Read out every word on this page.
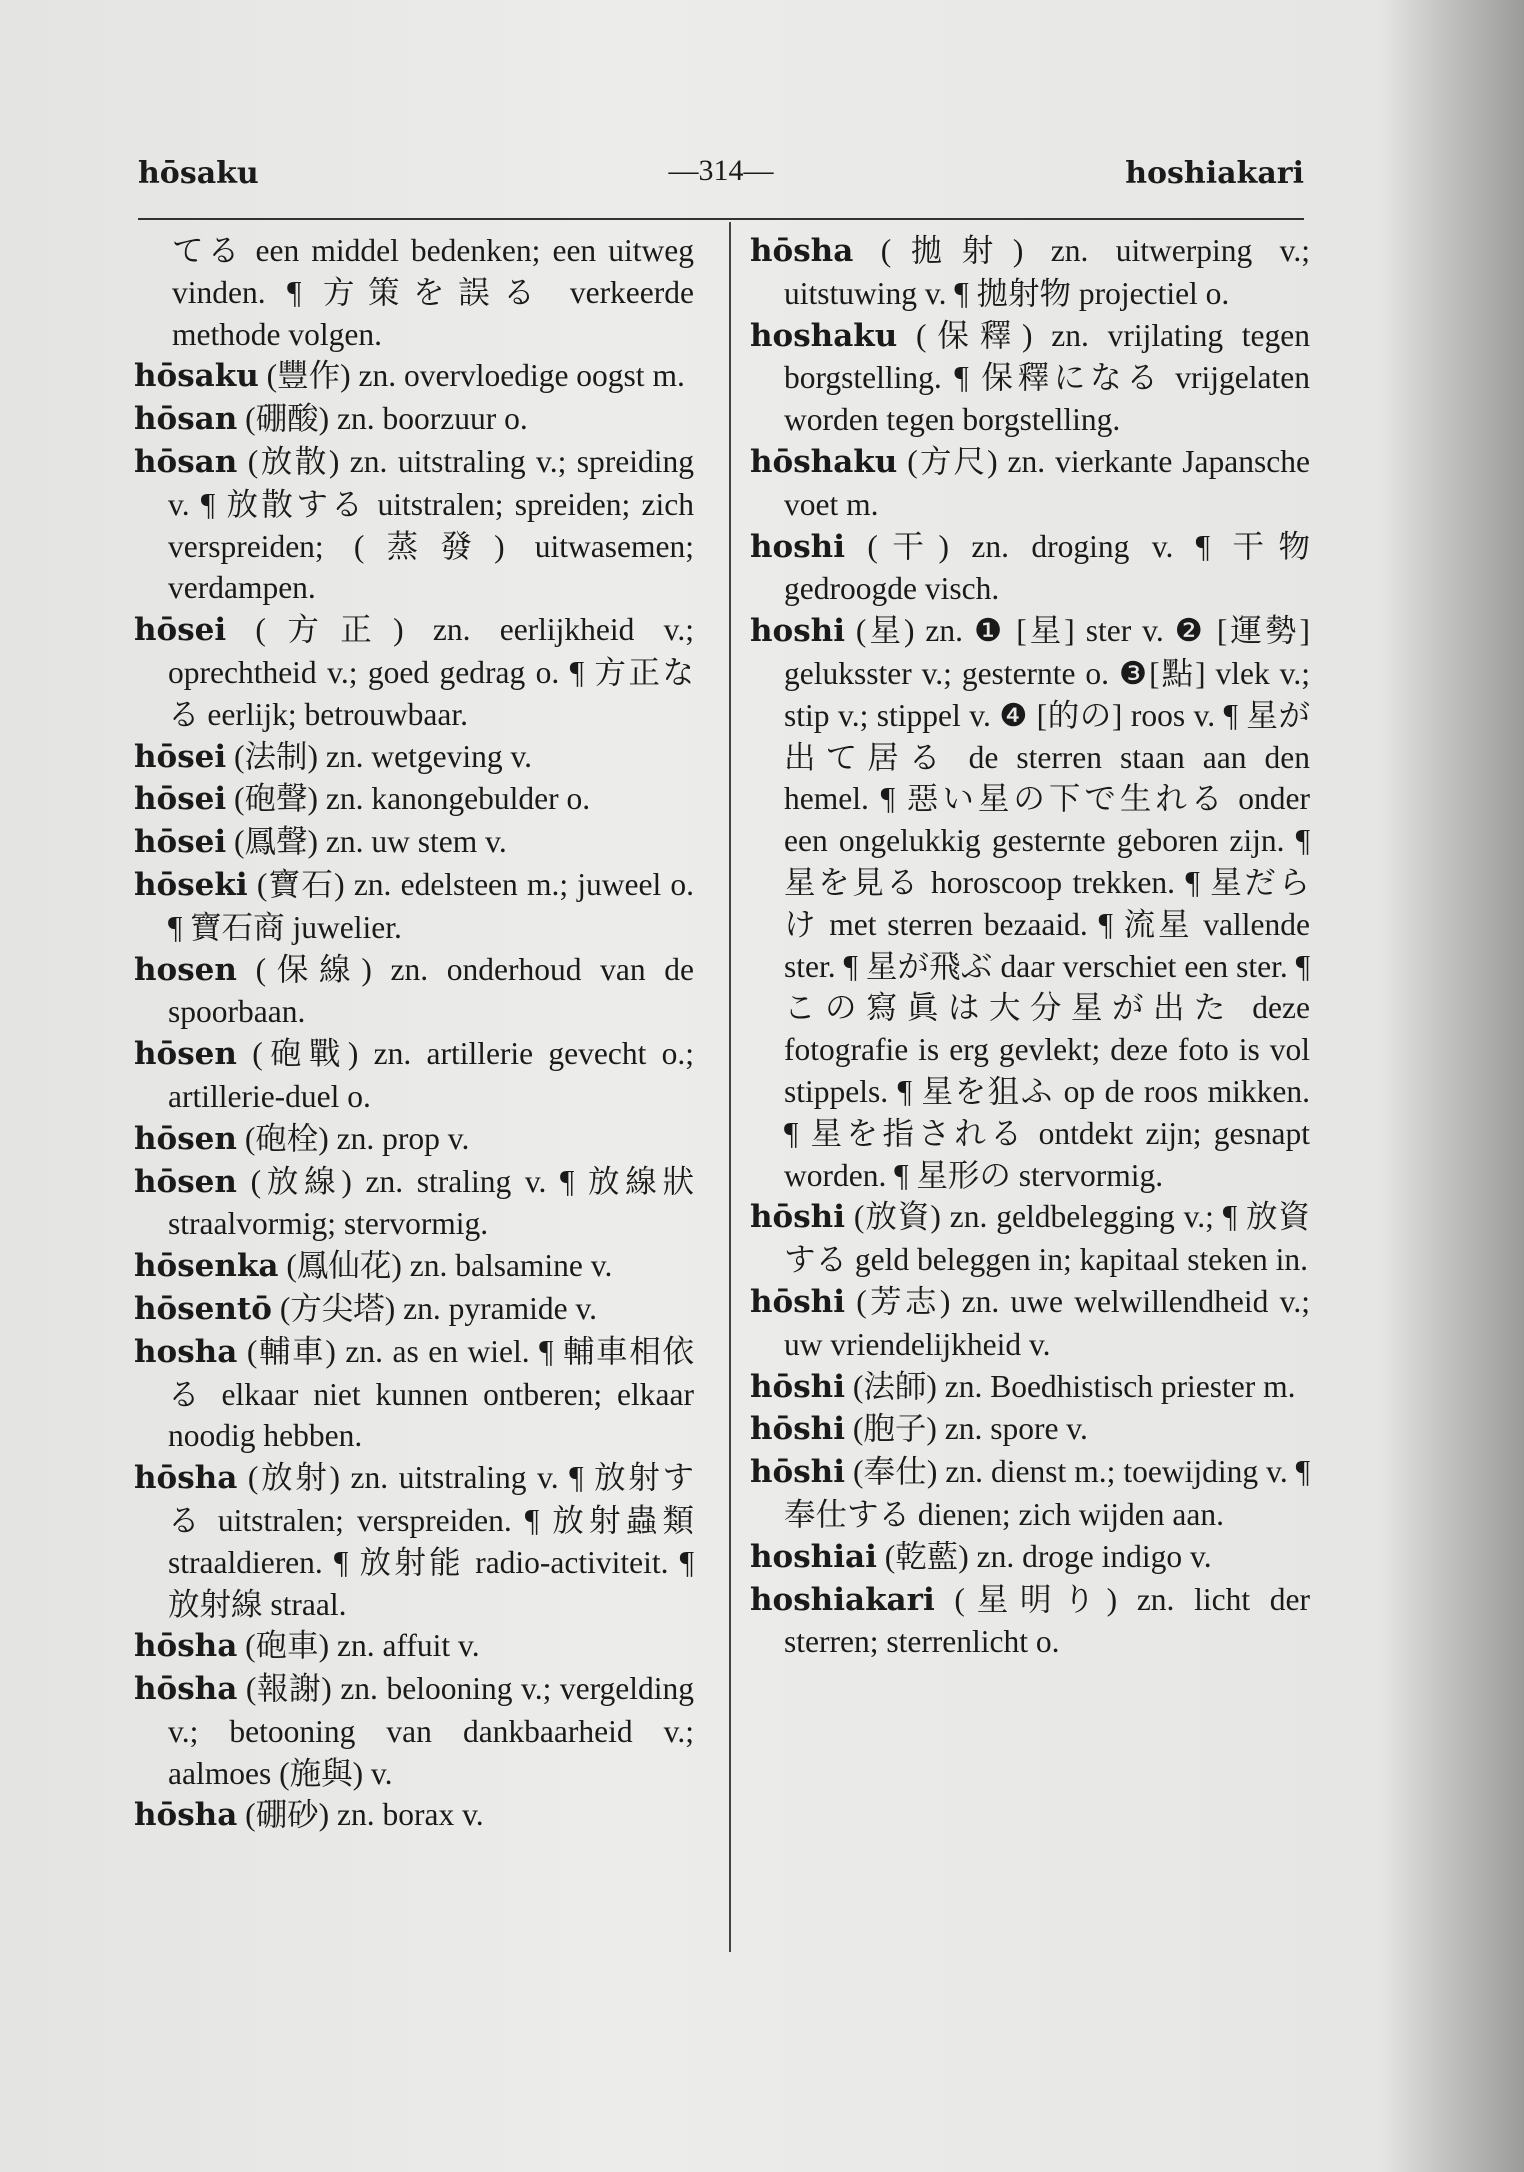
hōsaku	—314—	hoshiakari
てる een middel bedenken; een uitweg vinden. ¶ 方策を誤る verkeerde methode volgen.
hōsaku (豐作) zn. overvloedige oogst m.
hōsan (硼酸) zn. boorzuur o.
hōsan (放散) zn. uitstraling v.; spreiding v. ¶ 放散する uitstralen; spreiden; zich verspreiden; (蒸發) uitwasemen; verdampen.
hōsei (方正) zn. eerlijkheid v.; oprechtheid v.; goed gedrag o. ¶ 方正なる eerlijk; betrouwbaar.
hōsei (法制) zn. wetgeving v.
hōsei (砲聲) zn. kanongebulder o.
hōsei (鳳聲) zn. uw stem v.
hōseki (寶石) zn. edelsteen m.; juweel o. ¶ 寶石商 juwelier.
hosen (保線) zn. onderhoud van de spoorbaan.
hōsen (砲戰) zn. artillerie gevecht o.; artillerie-duel o.
hōsen (砲栓) zn. prop v.
hōsen (放線) zn. straling v. ¶ 放線狀 straalvormig; stervormig.
hōsenka (鳳仙花) zn. balsamine v.
hōsentō (方尖塔) zn. pyramide v.
hosha (輔車) zn. as en wiel. ¶ 輔車相依る elkaar niet kunnen ontberen; elkaar noodig hebben.
hōsha (放射) zn. uitstraling v. ¶ 放射する uitstralen; verspreiden. ¶ 放射蟲類 straaldieren. ¶ 放射能 radio-activiteit. ¶ 放射線 straal.
hōsha (砲車) zn. affuit v.
hōsha (報謝) zn. belooning v.; vergelding v.; betooning van dankbaarheid v.; aalmoes (施與) v.
hōsha (硼砂) zn. borax v.
hōsha (拋射) zn. uitwerping v.; uitstuwing v. ¶ 拋射物 projectiel o.
hoshaku (保釋) zn. vrijlating tegen borgstelling. ¶ 保釋になる vrijgelaten worden tegen borgstelling.
hōshaku (方尺) zn. vierkante Japansche voet m.
hoshi (干) zn. droging v. ¶ 干物 gedroogde visch.
hoshi (星) zn. ❶ [星] ster v. ❷ [運勢] geluksster v.; gesternte o. ❸[點] vlek v.; stip v.; stippel v. ❹ [的の] roos v. ¶ 星が出て居る de sterren staan aan den hemel. ¶ 惡い星の下で生れる onder een ongelukkig gesternte geboren zijn. ¶ 星を見る horoscoop trekken. ¶ 星だらけ met sterren bezaaid. ¶ 流星 vallende ster. ¶ 星が飛ぶ daar verschiet een ster. ¶ この寫眞は大分星が出た deze fotografie is erg gevlekt; deze foto is vol stippels. ¶ 星を狙ふ op de roos mikken. ¶ 星を指される ontdekt zijn; gesnapt worden. ¶ 星形の stervormig.
hōshi (放資) zn. geldbelegging v.; ¶ 放資する geld beleggen in; kapitaal steken in.
hōshi (芳志) zn. uwe welwillendheid v.; uw vriendelijkheid v.
hōshi (法師) zn. Boedhistisch priester m.
hōshi (胞子) zn. spore v.
hōshi (奉仕) zn. dienst m.; toewijding v. ¶ 奉仕する dienen; zich wijden aan.
hoshiai (乾藍) zn. droge indigo v.
hoshiakari (星明り) zn. licht der sterren; sterrenlicht o.
